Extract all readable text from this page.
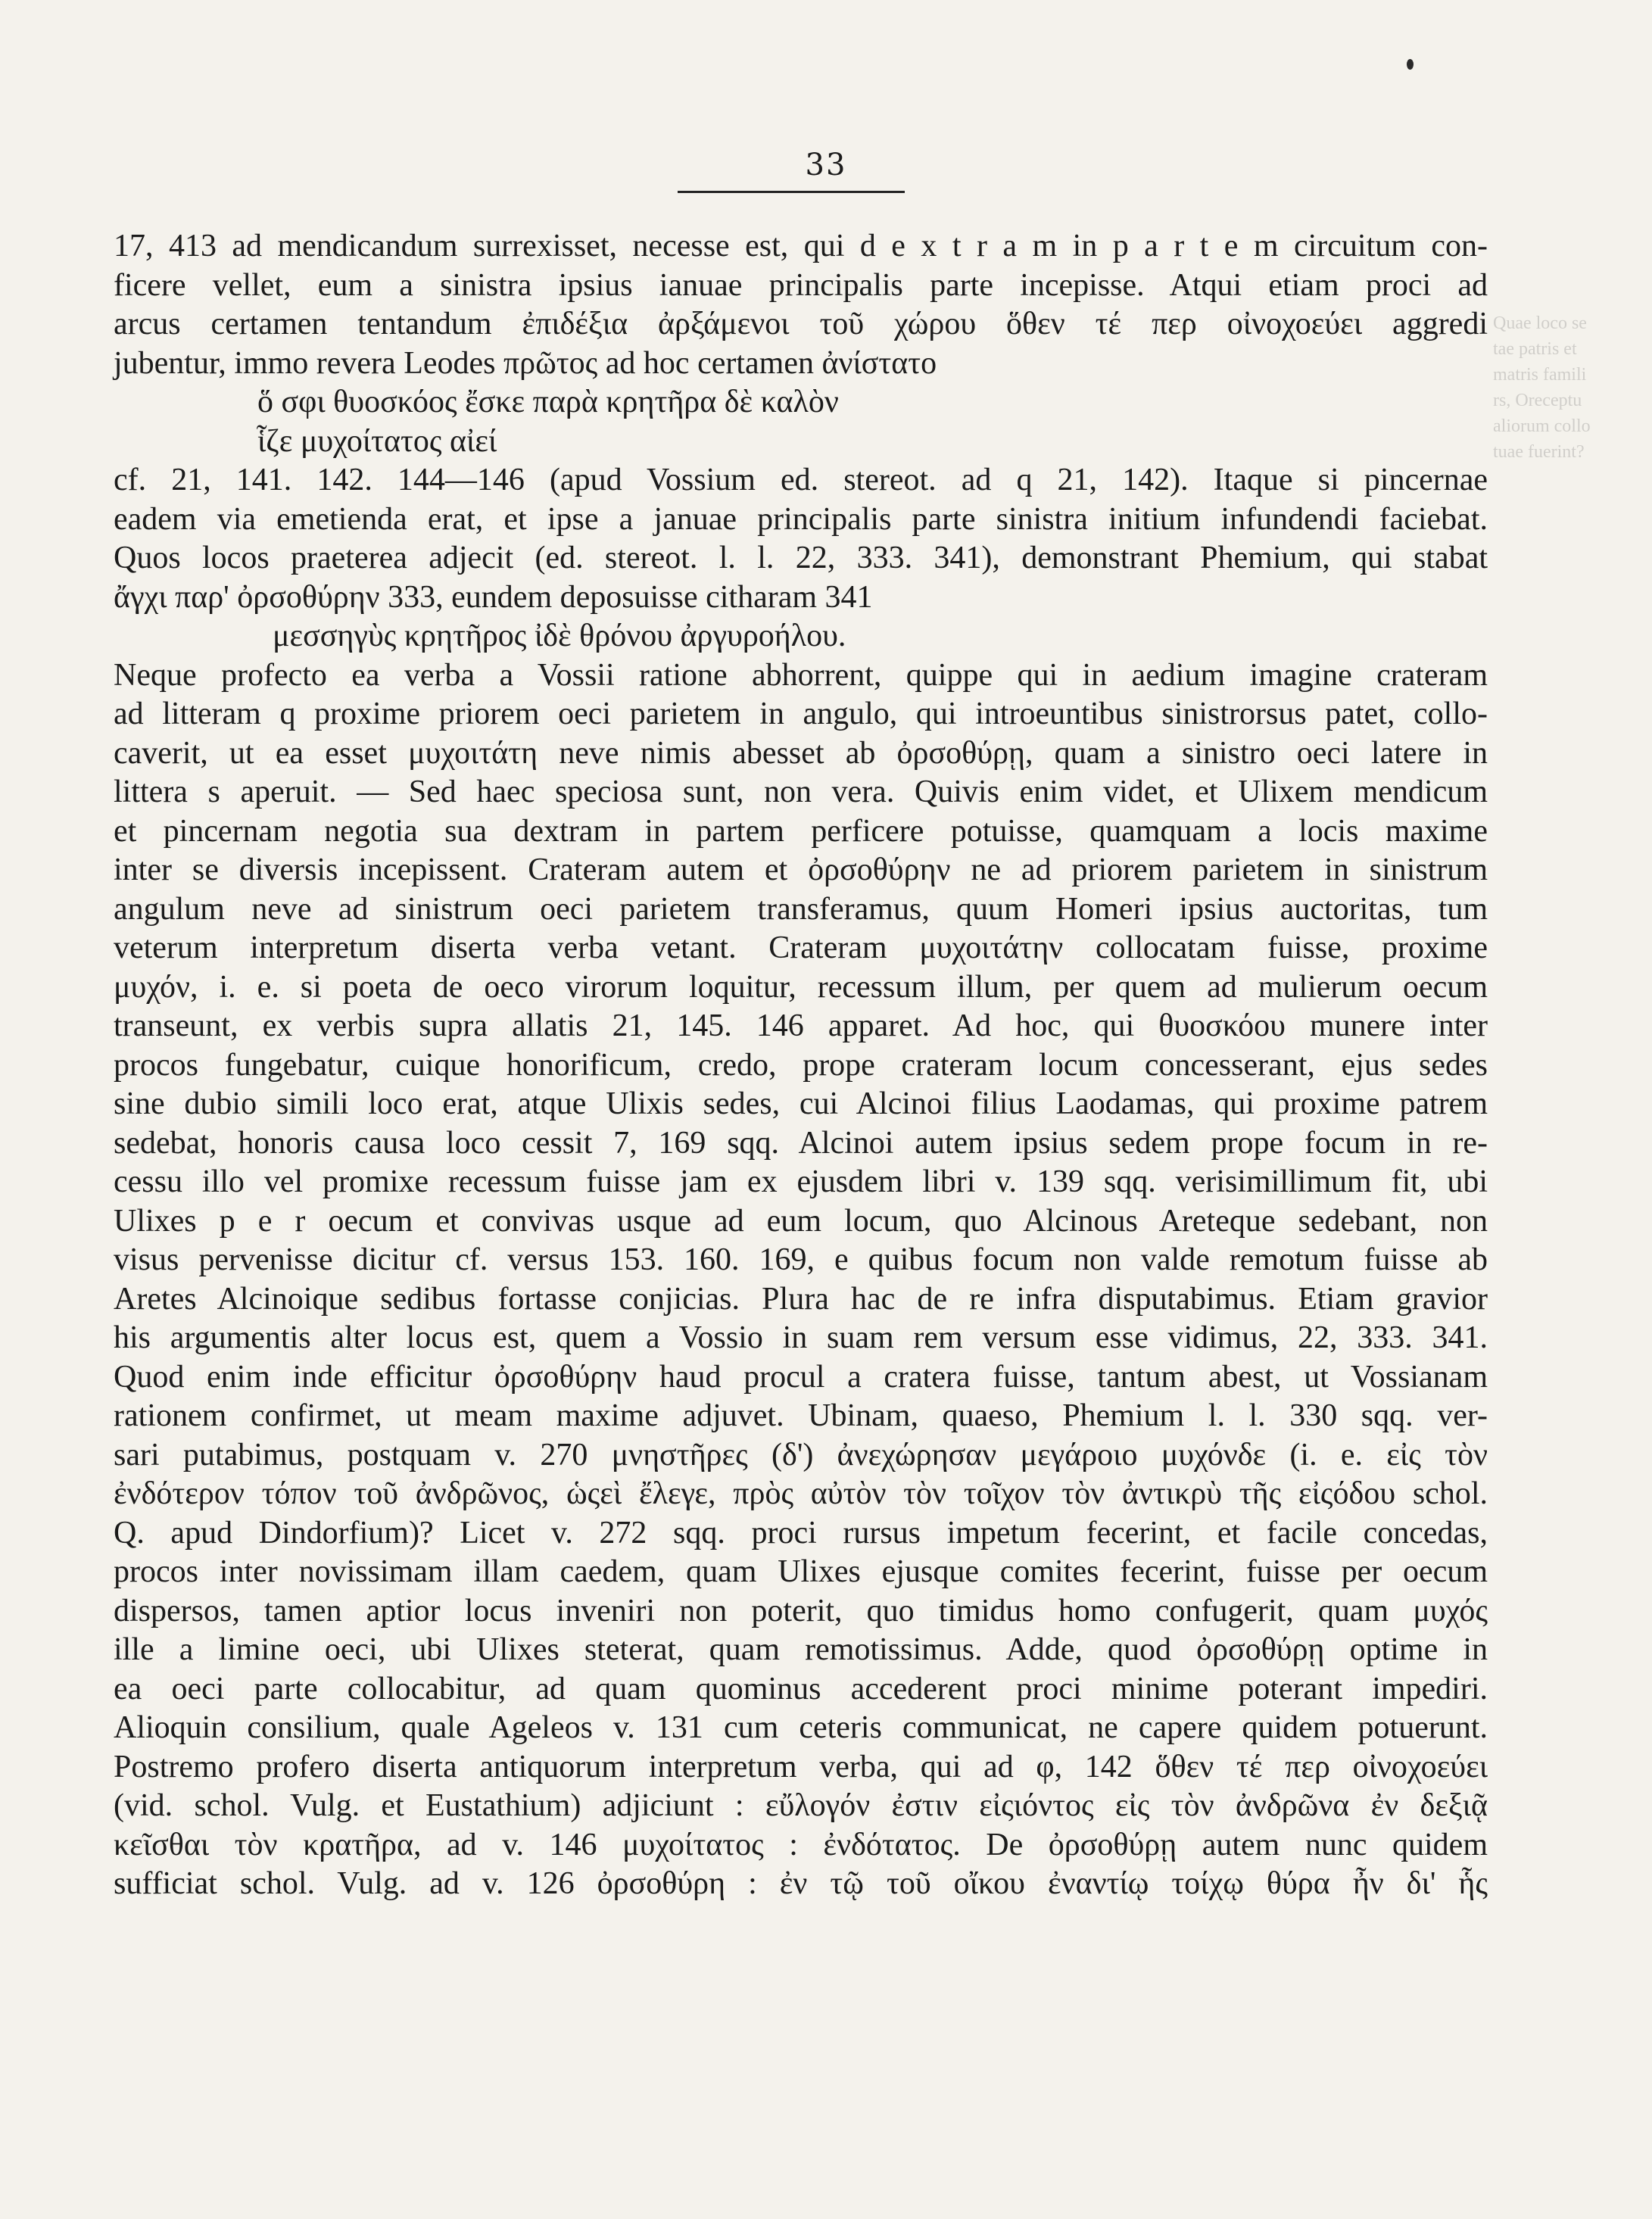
33
Quae loco se
tae patris et
matris famili
rs, Oreceptu
aliorum collo
tuae fuerint?
17, 413 ad mendicandum surrexisset, necesse est, qui d e x t r a m in p a r t e m circuitum con-
ficere vellet, eum a sinistra ipsius ianuae principalis parte incepisse. Atqui etiam proci ad
arcus certamen tentandum ἐπιδέξια ἀρξάμενοι τοῦ χώρου ὅθεν τέ περ οἰνοχοεύει aggredi
jubentur, immo revera Leodes πρῶτος ad hoc certamen ἀνίστατο
ὅ σφι θυοσκόος ἔσκε παρὰ κρητῆρα δὲ καλὸν
ἷζε μυχοίτατος αἰεί
cf. 21, 141. 142. 144—146 (apud Vossium ed. stereot. ad q 21, 142). Itaque si pincernae
eadem via emetienda erat, et ipse a januae principalis parte sinistra initium infundendi faciebat.
Quos locos praeterea adjecit (ed. stereot. l. l. 22, 333. 341), demonstrant Phemium, qui stabat
ἄγχι παρ' ὀρσοθύρην 333, eundem deposuisse citharam 341
μεσσηγὺς κρητῆρος ἰδὲ θρόνου ἀργυροήλου.
Neque profecto ea verba a Vossii ratione abhorrent, quippe qui in aedium imagine crateram
ad litteram q proxime priorem oeci parietem in angulo, qui introeuntibus sinistrorsus patet, collo-
caverit, ut ea esset μυχοιτάτη neve nimis abesset ab ὀρσοθύρῃ, quam a sinistro oeci latere in
littera s aperuit. — Sed haec speciosa sunt, non vera. Quivis enim videt, et Ulixem mendicum
et pincernam negotia sua dextram in partem perficere potuisse, quamquam a locis maxime
inter se diversis incepissent. Crateram autem et ὀρσοθύρην ne ad priorem parietem in sinistrum
angulum neve ad sinistrum oeci parietem transferamus, quum Homeri ipsius auctoritas, tum
veterum interpretum diserta verba vetant. Crateram μυχοιτάτην collocatam fuisse, proxime
μυχόν, i. e. si poeta de oeco virorum loquitur, recessum illum, per quem ad mulierum oecum
transeunt, ex verbis supra allatis 21, 145. 146 apparet. Ad hoc, qui θυοσκόου munere inter
procos fungebatur, cuique honorificum, credo, prope crateram locum concesserant, ejus sedes
sine dubio simili loco erat, atque Ulixis sedes, cui Alcinoi filius Laodamas, qui proxime patrem
sedebat, honoris causa loco cessit 7, 169 sqq. Alcinoi autem ipsius sedem prope focum in re-
cessu illo vel promixe recessum fuisse jam ex ejusdem libri v. 139 sqq. verisimillimum fit, ubi
Ulixes p e r oecum et convivas usque ad eum locum, quo Alcinous Areteque sedebant, non
visus pervenisse dicitur cf. versus 153. 160. 169, e quibus focum non valde remotum fuisse ab
Aretes Alcinoique sedibus fortasse conjicias. Plura hac de re infra disputabimus. Etiam gravior
his argumentis alter locus est, quem a Vossio in suam rem versum esse vidimus, 22, 333. 341.
Quod enim inde efficitur ὀρσοθύρην haud procul a cratera fuisse, tantum abest, ut Vossianam
rationem confirmet, ut meam maxime adjuvet. Ubinam, quaeso, Phemium l. l. 330 sqq. ver-
sari putabimus, postquam v. 270 μνηστῆρες (δ') ἀνεχώρησαν μεγάροιο μυχόνδε (i. e. εἰς τὸν
ἐνδότερον τόπον τοῦ ἀνδρῶνος, ὡςεὶ ἔλεγε, πρὸς αὐτὸν τὸν τοῖχον τὸν ἀντικρὺ τῆς εἰςόδου schol.
Q. apud Dindorfium)? Licet v. 272 sqq. proci rursus impetum fecerint, et facile concedas,
procos inter novissimam illam caedem, quam Ulixes ejusque comites fecerint, fuisse per oecum
dispersos, tamen aptior locus inveniri non poterit, quo timidus homo confugerit, quam μυχός
ille a limine oeci, ubi Ulixes steterat, quam remotissimus. Adde, quod ὀρσοθύρῃ optime in
ea oeci parte collocabitur, ad quam quominus accederent proci minime poterant impediri.
Alioquin consilium, quale Ageleos v. 131 cum ceteris communicat, ne capere quidem potuerunt.
Postremo profero diserta antiquorum interpretum verba, qui ad φ, 142 ὅθεν τέ περ οἰνοχοεύει
(vid. schol. Vulg. et Eustathium) adjiciunt : εὔλογόν ἐστιν εἰςιόντος εἰς τὸν ἀνδρῶνα ἐν δεξιᾷ
κεῖσθαι τὸν κρατῆρα, ad v. 146 μυχοίτατος : ἐνδότατος. De ὀρσοθύρῃ autem nunc quidem
sufficiat schol. Vulg. ad v. 126 ὀρσοθύρη : ἐν τῷ τοῦ οἴκου ἐναντίῳ τοίχῳ θύρα ἦν δι' ἧς
